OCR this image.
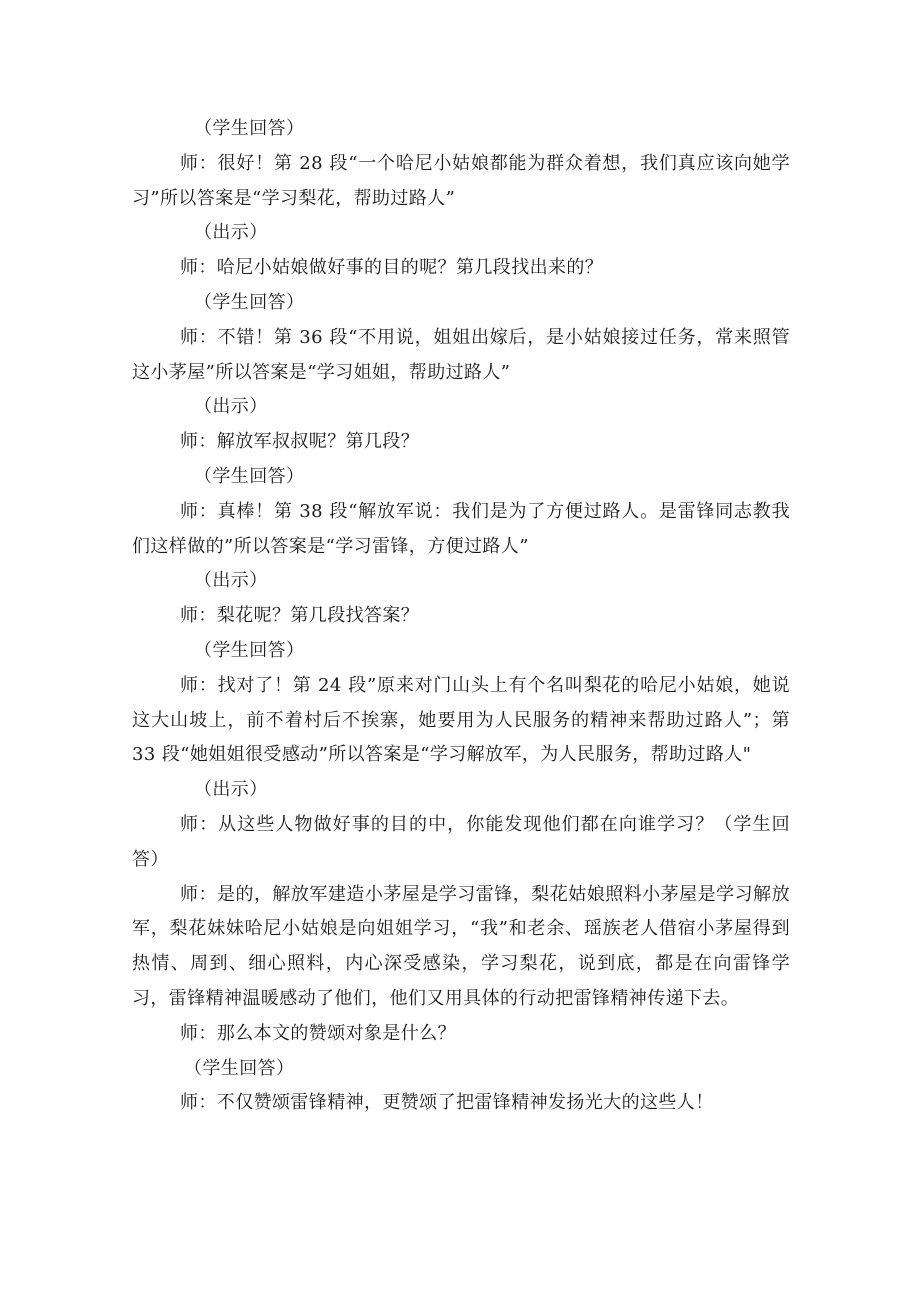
（学生回答）

师：很好！第 28 段“一个哈尼小姑娘都能为群众着想，我们真应该向她学习”所以答案是“学习梨花，帮助过路人”

（出示）

师：哈尼小姑娘做好事的目的呢？第几段找出来的？

（学生回答）

师：不错！第 36 段“不用说，姐姐出嫁后，是小姑娘接过任务，常来照管这小茅屋”所以答案是“学习姐姐，帮助过路人”

（出示）

师：解放军叔叔呢？第几段？

（学生回答）

师：真棒！第 38 段“解放军说：我们是为了方便过路人。是雷锋同志教我们这样做的”所以答案是“学习雷锋，方便过路人”

（出示）

师：梨花呢？第几段找答案？

（学生回答）

师：找对了！第 24 段”原来对门山头上有个名叫梨花的哈尼小姑娘，她说这大山坡上，前不着村后不挨寨，她要用为人民服务的精神来帮助过路人”；第 33 段“她姐姐很受感动”所以答案是“学习解放军，为人民服务，帮助过路人"

（出示）

师：从这些人物做好事的目的中，你能发现他们都在向谁学习？（学生回答）

师：是的，解放军建造小茅屋是学习雷锋，梨花姑娘照料小茅屋是学习解放军，梨花妹妹哈尼小姑娘是向姐姐学习，“我”和老余、瑶族老人借宿小茅屋得到热情、周到、细心照料，内心深受感染，学习梨花，说到底，都是在向雷锋学习，雷锋精神温暖感动了他们，他们又用具体的行动把雷锋精神传递下去。

师：那么本文的赞颂对象是什么？

（学生回答）

师：不仅赞颂雷锋精神，更赞颂了把雷锋精神发扬光大的这些人！
